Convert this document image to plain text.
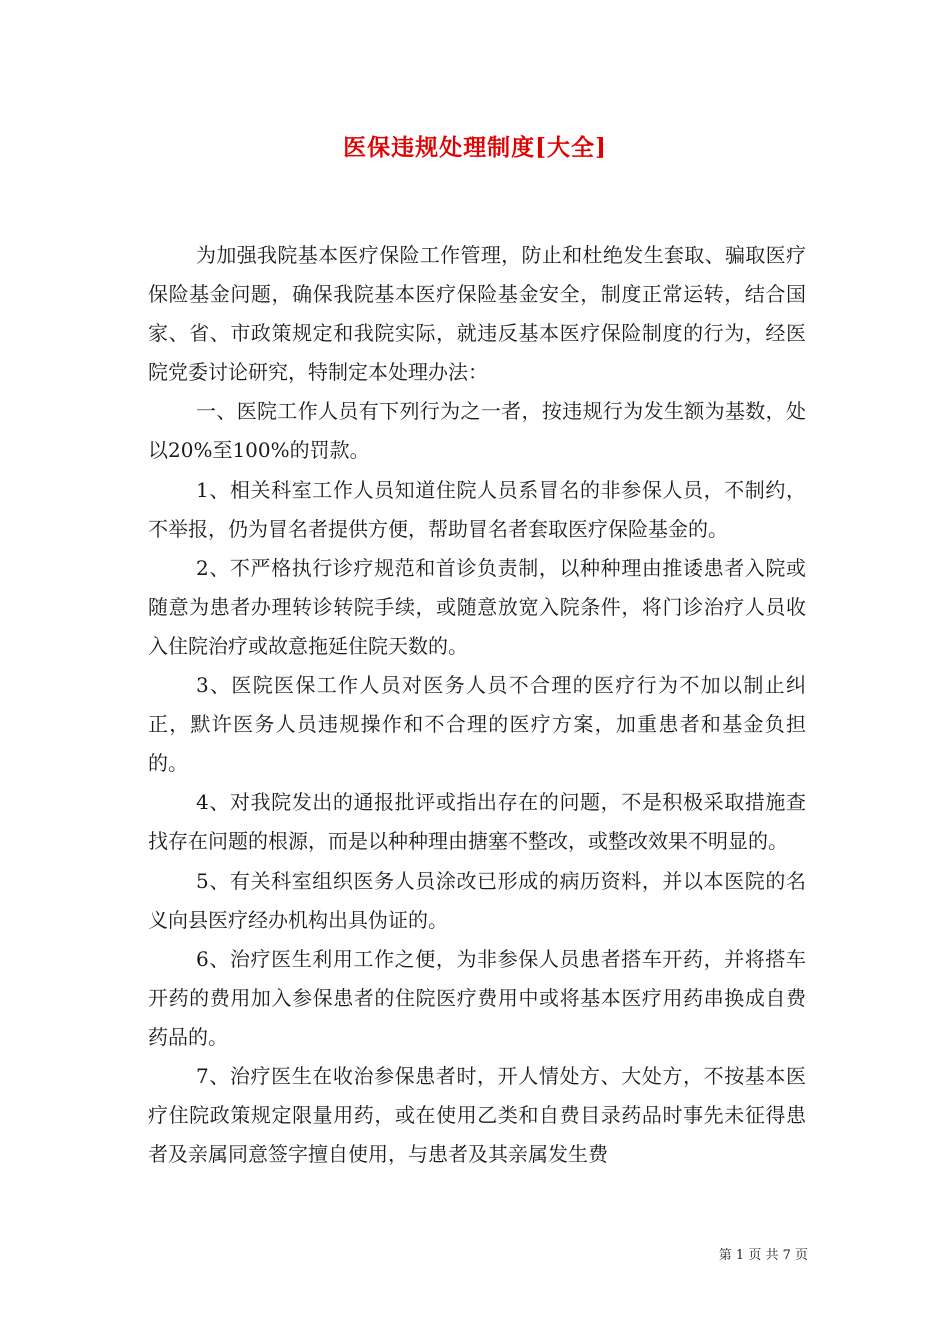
医保违规处理制度[大全]

为加强我院基本医疗保险工作管理，防止和杜绝发生套取、骗取医疗保险基金问题，确保我院基本医疗保险基金安全，制度正常运转，结合国家、省、市政策规定和我院实际，就违反基本医疗保险制度的行为，经医院党委讨论研究，特制定本处理办法：

一、医院工作人员有下列行为之一者，按违规行为发生额为基数，处以20%至100%的罚款。

1、相关科室工作人员知道住院人员系冒名的非参保人员，不制约，不举报，仍为冒名者提供方便，帮助冒名者套取医疗保险基金的。

2、不严格执行诊疗规范和首诊负责制，以种种理由推诿患者入院或随意为患者办理转诊转院手续，或随意放宽入院条件，将门诊治疗人员收入住院治疗或故意拖延住院天数的。

3、医院医保工作人员对医务人员不合理的医疗行为不加以制止纠正，默许医务人员违规操作和不合理的医疗方案，加重患者和基金负担的。

4、对我院发出的通报批评或指出存在的问题，不是积极采取措施查找存在问题的根源，而是以种种理由搪塞不整改，或整改效果不明显的。

5、有关科室组织医务人员涂改已形成的病历资料，并以本医院的名义向县医疗经办机构出具伪证的。

6、治疗医生利用工作之便，为非参保人员患者搭车开药，并将搭车开药的费用加入参保患者的住院医疗费用中或将基本医疗用药串换成自费药品的。

7、治疗医生在收治参保患者时，开人情处方、大处方，不按基本医疗住院政策规定限量用药，或在使用乙类和自费目录药品时事先未征得患者及亲属同意签字擅自使用，与患者及其亲属发生费

第 1 页 共 7 页
